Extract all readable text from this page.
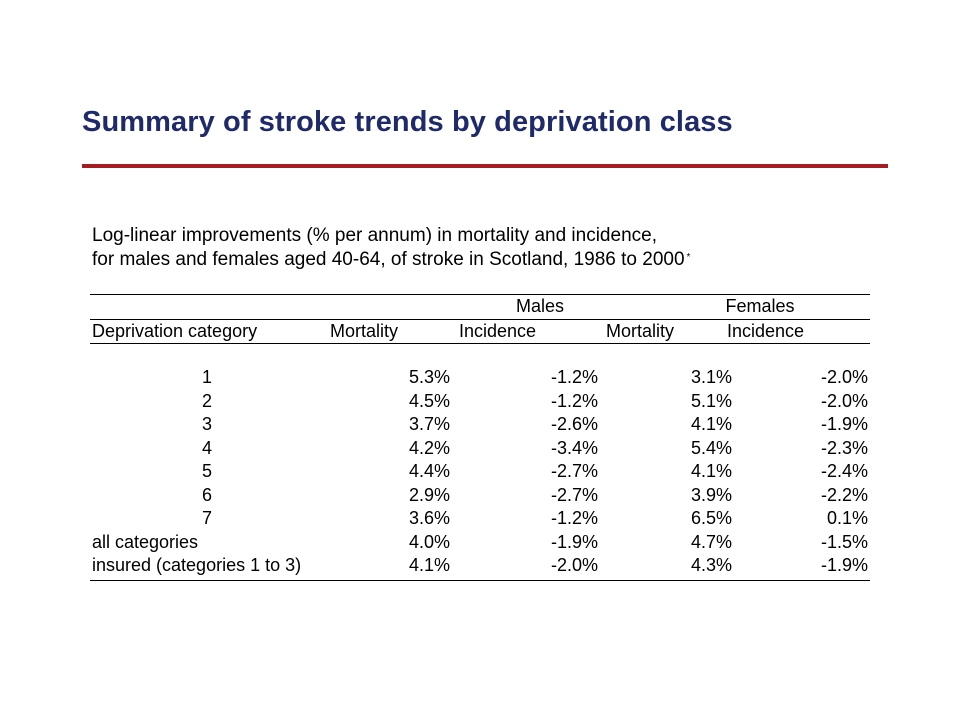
Summary of stroke trends by deprivation class
Log-linear improvements (% per annum) in mortality and incidence,
for males and females aged 40-64, of stroke in Scotland, 1986 to 2000 *
Males	Females
Deprivation category	Mortality	Incidence	Mortality	Incidence
1	5.3%	-1.2%	3.1%	-2.0%
2	4.5%	-1.2%	5.1%	-2.0%
3	3.7%	-2.6%	4.1%	-1.9%
4	4.2%	-3.4%	5.4%	-2.3%
5	4.4%	-2.7%	4.1%	-2.4%
6	2.9%	-2.7%	3.9%	-2.2%
7	3.6%	-1.2%	6.5%	0.1%
all categories	4.0%	-1.9%	4.7%	-1.5%
insured (categories 1 to 3)	4.1%	-2.0%	4.3%	-1.9%
